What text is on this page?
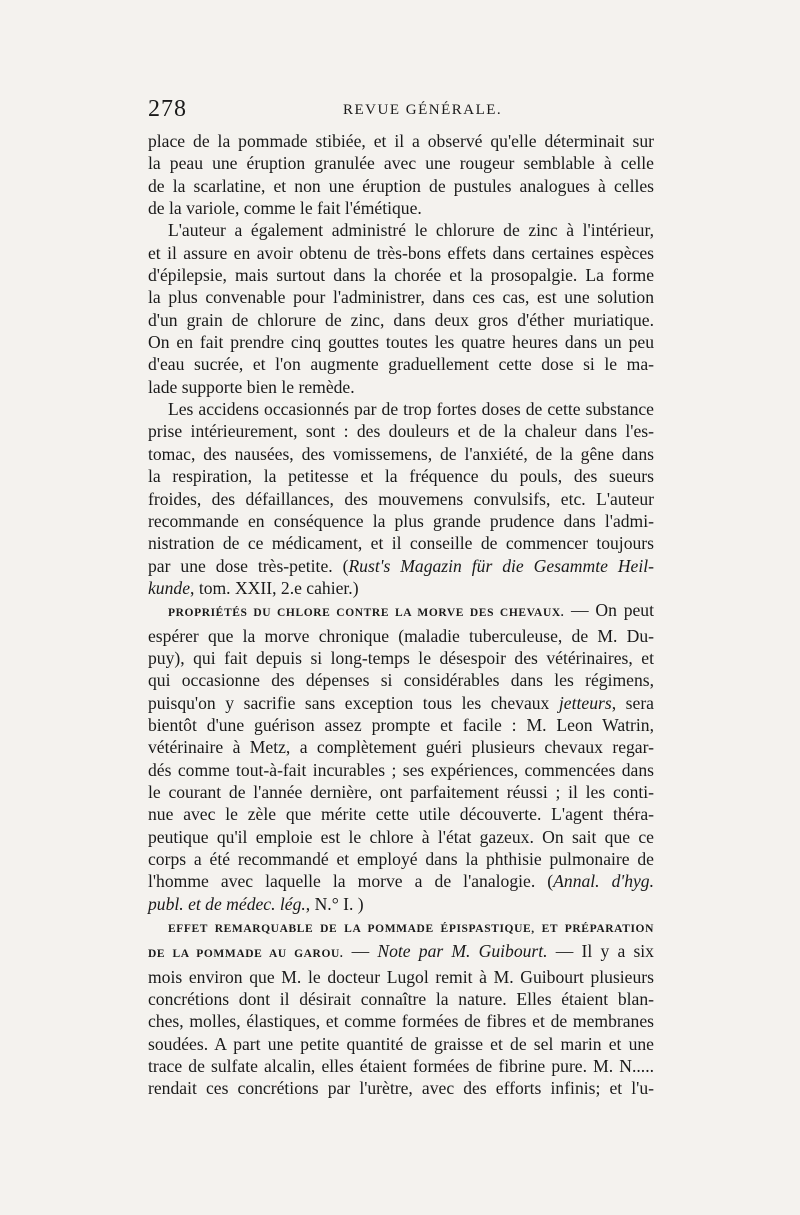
278	REVUE GÉNÉRALE.
place de la pommade stibiée, et il a observé qu'elle déterminait sur
la peau une éruption granulée avec une rougeur semblable à celle
de la scarlatine, et non une éruption de pustules analogues à celles
de la variole, comme le fait l'émétique.
L'auteur a également administré le chlorure de zinc à l'intérieur,
et il assure en avoir obtenu de très-bons effets dans certaines espèces
d'épilepsie, mais surtout dans la chorée et la prosopalgie. La forme
la plus convenable pour l'administrer, dans ces cas, est une solution
d'un grain de chlorure de zinc, dans deux gros d'éther muriatique.
On en fait prendre cinq gouttes toutes les quatre heures dans un peu
d'eau sucrée, et l'on augmente graduellement cette dose si le ma-
lade supporte bien le remède.
Les accidens occasionnés par de trop fortes doses de cette substance
prise intérieurement, sont : des douleurs et de la chaleur dans l'es-
tomac, des nausées, des vomissemens, de l'anxiété, de la gêne dans
la respiration, la petitesse et la fréquence du pouls, des sueurs
froides, des défaillances, des mouvemens convulsifs, etc. L'auteur
recommande en conséquence la plus grande prudence dans l'admi-
nistration de ce médicament, et il conseille de commencer toujours
par une dose très-petite. (Rust's Magazin für die Gesammte Heil-
kunde, tom. XXII, 2.e cahier.)
PROPRIÉTÉS DU CHLORE CONTRE LA MORVE DES CHEVAUX. — On peut
espérer que la morve chronique (maladie tuberculeuse, de M. Du-
puy), qui fait depuis si long-temps le désespoir des vétérinaires, et
qui occasionne des dépenses si considérables dans les régimens,
puisqu'on y sacrifie sans exception tous les chevaux jetteurs, sera
bientôt d'une guérison assez prompte et facile : M. Leon Watrin,
vétérinaire à Metz, a complètement guéri plusieurs chevaux regar-
dés comme tout-à-fait incurables ; ses expériences, commencées dans
le courant de l'année dernière, ont parfaitement réussi ; il les conti-
nue avec le zèle que mérite cette utile découverte. L'agent théra-
peutique qu'il emploie est le chlore à l'état gazeux. On sait que ce
corps a été recommandé et employé dans la phthisie pulmonaire de
l'homme avec laquelle la morve a de l'analogie. (Annal. d'hyg.
publ. et de médec. lég., N.° I. )
EFFET REMARQUABLE DE LA POMMADE ÉPISPASTIQUE, ET PRÉPARATION
DE LA POMMADE AU GAROU. — Note par M. Guibourt. — Il y a six
mois environ que M. le docteur Lugol remit à M. Guibourt plusieurs
concrétions dont il désirait connaître la nature. Elles étaient blan-
ches, molles, élastiques, et comme formées de fibres et de membranes
soudées. A part une petite quantité de graisse et de sel marin et une
trace de sulfate alcalin, elles étaient formées de fibrine pure. M. N.....
rendait ces concrétions par l'urètre, avec des efforts infinis; et l'u-
